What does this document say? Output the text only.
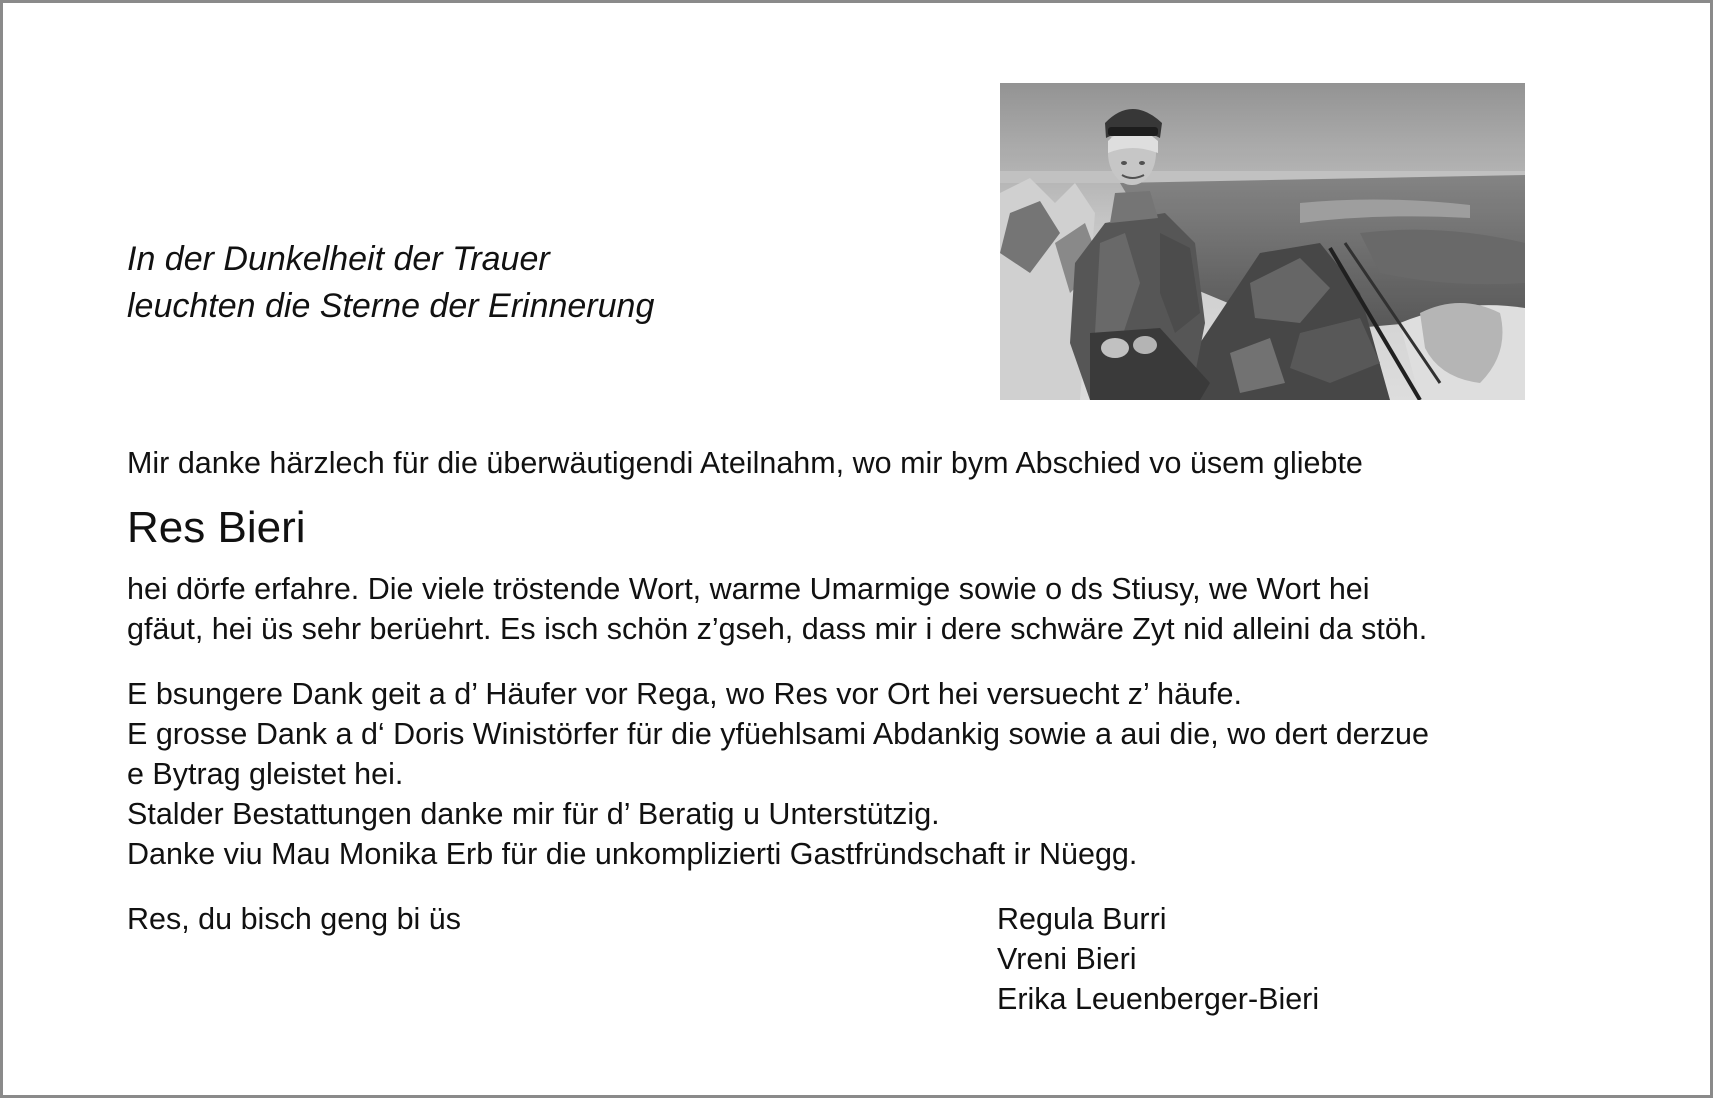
In der Dunkelheit der Trauer
leuchten die Sterne der Erinnerung

Mir danke härzlech für die überwäutigendi Ateilnahm, wo mir bym Abschied vo üsem gliebte

Res Bieri

hei dörfe erfahre. Die viele tröstende Wort, warme Umarmige sowie o ds Stiusy, we Wort hei
gfäut, hei üs sehr berüehrt. Es isch schön z’gseh, dass mir i dere schwäre Zyt nid alleini da stöh.

E bsungere Dank geit a d’ Häufer vor Rega, wo Res vor Ort hei versuecht z’ häufe.
E grosse Dank a d‘ Doris Winistörfer für die yfüehlsami Abdankig sowie a aui die, wo dert derzue
e Bytrag gleistet hei.
Stalder Bestattungen danke mir für d’ Beratig u Unterstützig.
Danke viu Mau Monika Erb für die unkomplizierti Gastfründschaft ir Nüegg.

Res, du bisch geng bi üs	Regula Burri
Vreni Bieri
Erika Leuenberger-Bieri
